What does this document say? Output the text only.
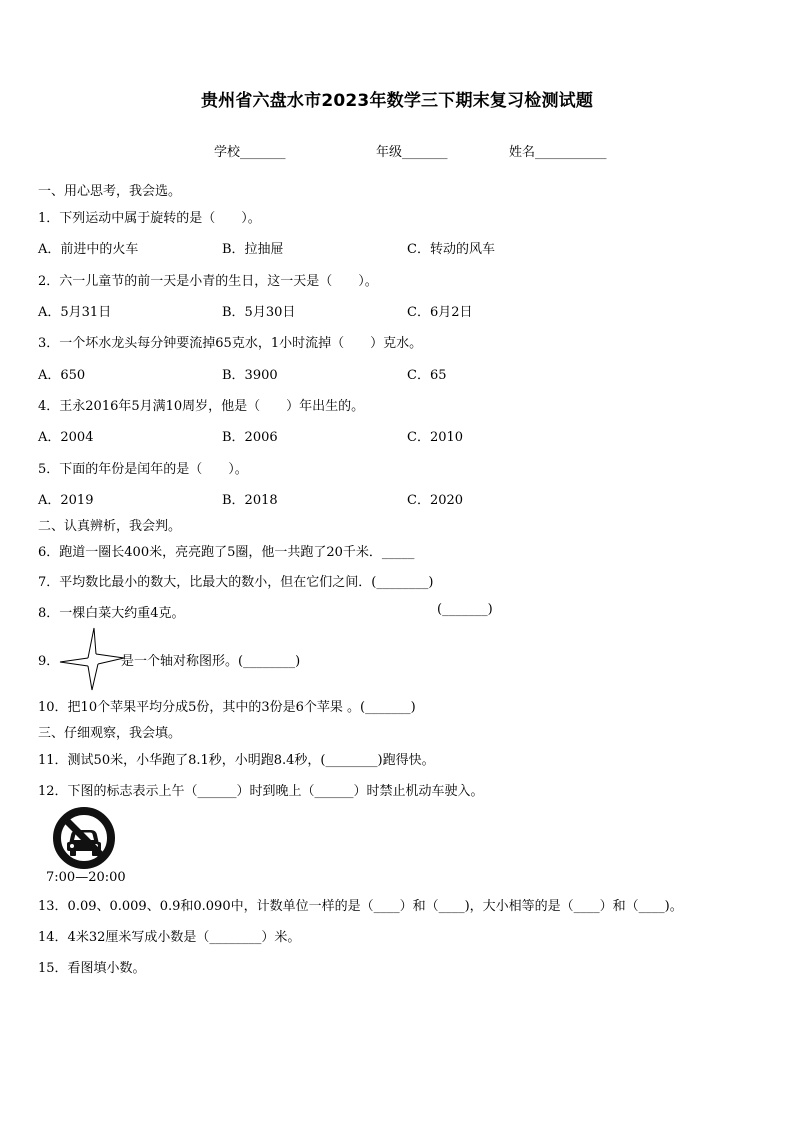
贵州省六盘水市2023年数学三下期末复习检测试题
学校_______	年级_______	姓名___________
一、用心思考，我会选。
1．下列运动中属于旋转的是（　　）。
A．前进中的火车	B．拉抽屉	C．转动的风车
2．六一儿童节的前一天是小青的生日，这一天是（　　）。
A．5月31日	B．5月30日	C．6月2日
3．一个坏水龙头每分钟要流掉65克水，1小时流掉（　　）克水。
A．650	B．3900	C．65
4．王永2016年5月满10周岁，他是（　　）年出生的。
A．2004	B．2006	C．2010
5．下面的年份是闰年的是（　　）。
A．2019	B．2018	C．2020
二、认真辨析，我会判。
6．跑道一圈长400米，亮亮跑了5圈，他一共跑了20千米．_____
7．平均数比最小的数大，比最大的数小，但在它们之间．(________)
8．一棵白菜大约重4克。	(_______)
9．	是一个轴对称图形。(________)
10．把10个苹果平均分成5份，其中的3份是6个苹果 。(_______)
三、仔细观察，我会填。
11．测试50米，小华跑了8.1秒，小明跑8.4秒，(________)跑得快。
12．下图的标志表示上午（______）时到晚上（______）时禁止机动车驶入。
7:00—20:00
13．0.09、0.009、0.9和0.090中，计数单位一样的是（____）和（____)，大小相等的是（____）和（____)。
14．4米32厘米写成小数是（________）米。
15．看图填小数。
